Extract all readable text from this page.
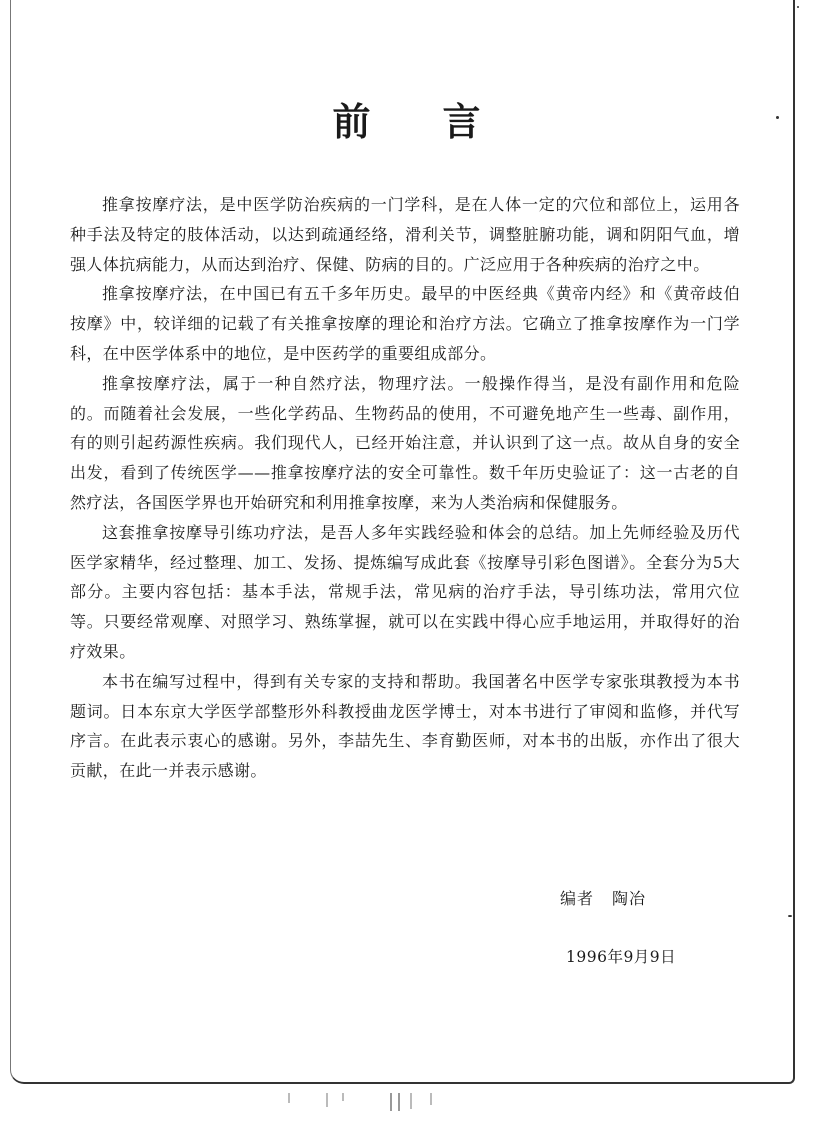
前 言

推拿按摩疗法，是中医学防治疾病的一门学科，是在人体一定的穴位和部位上，运用各种手法及特定的肢体活动，以达到疏通经络，滑利关节，调整脏腑功能，调和阴阳气血，增强人体抗病能力，从而达到治疗、保健、防病的目的。广泛应用于各种疾病的治疗之中。

推拿按摩疗法，在中国已有五千多年历史。最早的中医经典《黄帝内经》和《黄帝歧伯按摩》中，较详细的记载了有关推拿按摩的理论和治疗方法。它确立了推拿按摩作为一门学科，在中医学体系中的地位，是中医药学的重要组成部分。

推拿按摩疗法，属于一种自然疗法，物理疗法。一般操作得当，是没有副作用和危险的。而随着社会发展，一些化学药品、生物药品的使用，不可避免地产生一些毒、副作用，有的则引起药源性疾病。我们现代人，已经开始注意，并认识到了这一点。故从自身的安全出发，看到了传统医学——推拿按摩疗法的安全可靠性。数千年历史验证了：这一古老的自然疗法，各国医学界也开始研究和利用推拿按摩，来为人类治病和保健服务。

这套推拿按摩导引练功疗法，是吾人多年实践经验和体会的总结。加上先师经验及历代医学家精华，经过整理、加工、发扬、提炼编写成此套《按摩导引彩色图谱》。全套分为5大部分。主要内容包括：基本手法，常规手法，常见病的治疗手法，导引练功法，常用穴位等。只要经常观摩、对照学习、熟练掌握，就可以在实践中得心应手地运用，并取得好的治疗效果。

本书在编写过程中，得到有关专家的支持和帮助。我国著名中医学专家张琪教授为本书题词。日本东京大学医学部整形外科教授曲龙医学博士，对本书进行了审阅和监修，并代写序言。在此表示衷心的感谢。另外，李喆先生、李育勤医师，对本书的出版，亦作出了很大贡献，在此一并表示感谢。

编者 陶冶
1996年9月9日
